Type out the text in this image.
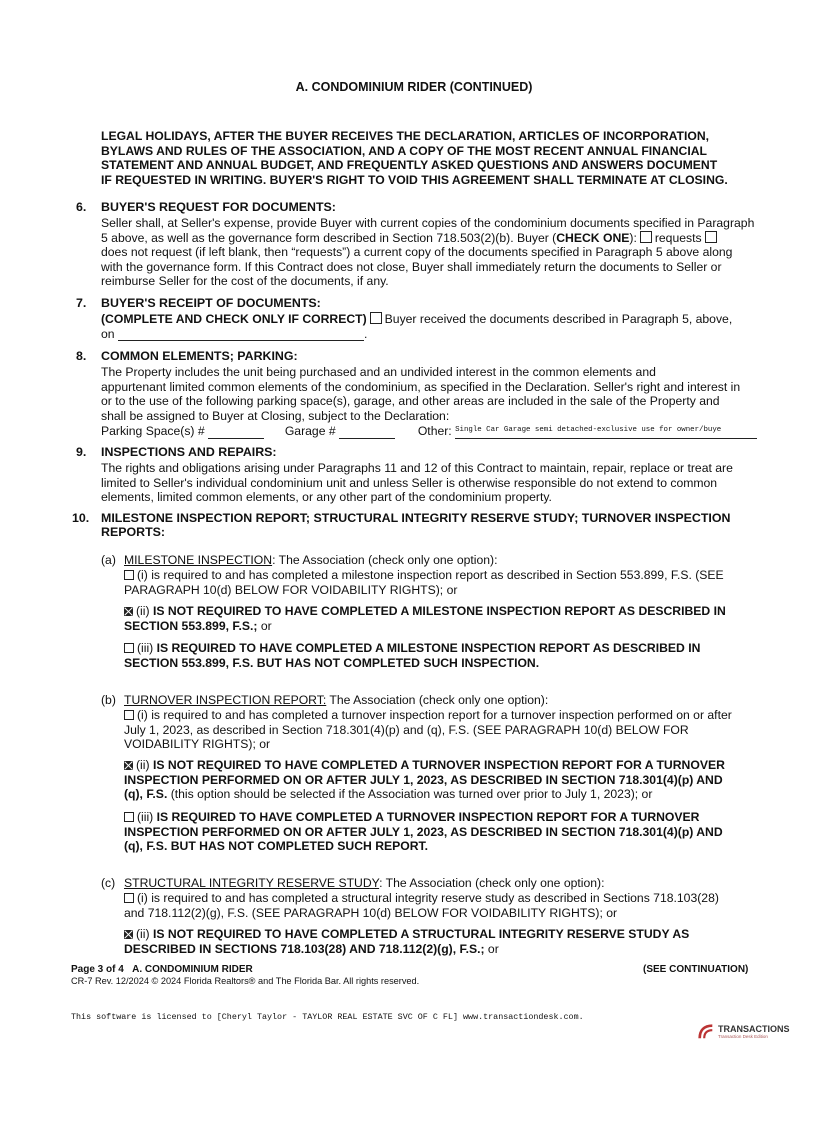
A. CONDOMINIUM RIDER (CONTINUED)
LEGAL HOLIDAYS, AFTER THE BUYER RECEIVES THE DECLARATION, ARTICLES OF INCORPORATION,
BYLAWS AND RULES OF THE ASSOCIATION, AND A COPY OF THE MOST RECENT ANNUAL FINANCIAL
STATEMENT AND ANNUAL BUDGET, AND FREQUENTLY ASKED QUESTIONS AND ANSWERS DOCUMENT
IF REQUESTED IN WRITING. BUYER'S RIGHT TO VOID THIS AGREEMENT SHALL TERMINATE AT CLOSING.
6. BUYER'S REQUEST FOR DOCUMENTS:
Seller shall, at Seller's expense, provide Buyer with current copies of the condominium documents specified in Paragraph
5 above, as well as the governance form described in Section 718.503(2)(b). Buyer (CHECK ONE): requests
does not request (if left blank, then “requests”) a current copy of the documents specified in Paragraph 5 above along
with the governance form. If this Contract does not close, Buyer shall immediately return the documents to Seller or
reimburse Seller for the cost of the documents, if any.
7. BUYER'S RECEIPT OF DOCUMENTS:
(COMPLETE AND CHECK ONLY IF CORRECT) Buyer received the documents described in Paragraph 5, above,
on	.
8. COMMON ELEMENTS; PARKING:
The Property includes the unit being purchased and an undivided interest in the common elements and
appurtenant limited common elements of the condominium, as specified in the Declaration. Seller's right and interest in
or to the use of the following parking space(s), garage, and other areas are included in the sale of the Property and
shall be assigned to Buyer at Closing, subject to the Declaration:
Parking Space(s) #	Garage #	Other: Single Car Garage semi detached-exclusive use for owner/buye
9. INSPECTIONS AND REPAIRS:
The rights and obligations arising under Paragraphs 11 and 12 of this Contract to maintain, repair, replace or treat are
limited to Seller's individual condominium unit and unless Seller is otherwise responsible do not extend to common
elements, limited common elements, or any other part of the condominium property.
10. MILESTONE INSPECTION REPORT; STRUCTURAL INTEGRITY RESERVE STUDY; TURNOVER INSPECTION
REPORTS:
(a) MILESTONE INSPECTION: The Association (check only one option):
(i) is required to and has completed a milestone inspection report as described in Section 553.899, F.S. (SEE
PARAGRAPH 10(d) BELOW FOR VOIDABILITY RIGHTS); or
(ii) IS NOT REQUIRED TO HAVE COMPLETED A MILESTONE INSPECTION REPORT AS DESCRIBED IN
SECTION 553.899, F.S.; or
(iii) IS REQUIRED TO HAVE COMPLETED A MILESTONE INSPECTION REPORT AS DESCRIBED IN
SECTION 553.899, F.S. BUT HAS NOT COMPLETED SUCH INSPECTION.
(b) TURNOVER INSPECTION REPORT: The Association (check only one option):
(i) is required to and has completed a turnover inspection report for a turnover inspection performed on or after
July 1, 2023, as described in Section 718.301(4)(p) and (q), F.S. (SEE PARAGRAPH 10(d) BELOW FOR
VOIDABILITY RIGHTS); or
(ii) IS NOT REQUIRED TO HAVE COMPLETED A TURNOVER INSPECTION REPORT FOR A TURNOVER
INSPECTION PERFORMED ON OR AFTER JULY 1, 2023, AS DESCRIBED IN SECTION 718.301(4)(p) AND
(q), F.S. (this option should be selected if the Association was turned over prior to July 1, 2023); or
(iii) IS REQUIRED TO HAVE COMPLETED A TURNOVER INSPECTION REPORT FOR A TURNOVER
INSPECTION PERFORMED ON OR AFTER JULY 1, 2023, AS DESCRIBED IN SECTION 718.301(4)(p) AND
(q), F.S. BUT HAS NOT COMPLETED SUCH REPORT.
(c) STRUCTURAL INTEGRITY RESERVE STUDY: The Association (check only one option):
(i) is required to and has completed a structural integrity reserve study as described in Sections 718.103(28)
and 718.112(2)(g), F.S. (SEE PARAGRAPH 10(d) BELOW FOR VOIDABILITY RIGHTS); or
(ii) IS NOT REQUIRED TO HAVE COMPLETED A STRUCTURAL INTEGRITY RESERVE STUDY AS
DESCRIBED IN SECTIONS 718.103(28) AND 718.112(2)(g), F.S.; or
Page 3 of 4 A. CONDOMINIUM RIDER	(SEE CONTINUATION)
CR-7 Rev. 12/2024 © 2024 Florida Realtors® and The Florida Bar. All rights reserved.
This software is licensed to [Cheryl Taylor - TAYLOR REAL ESTATE SVC OF C FL] www.transactiondesk.com.
TRANSACTIONS
Transaction Desk Edition
